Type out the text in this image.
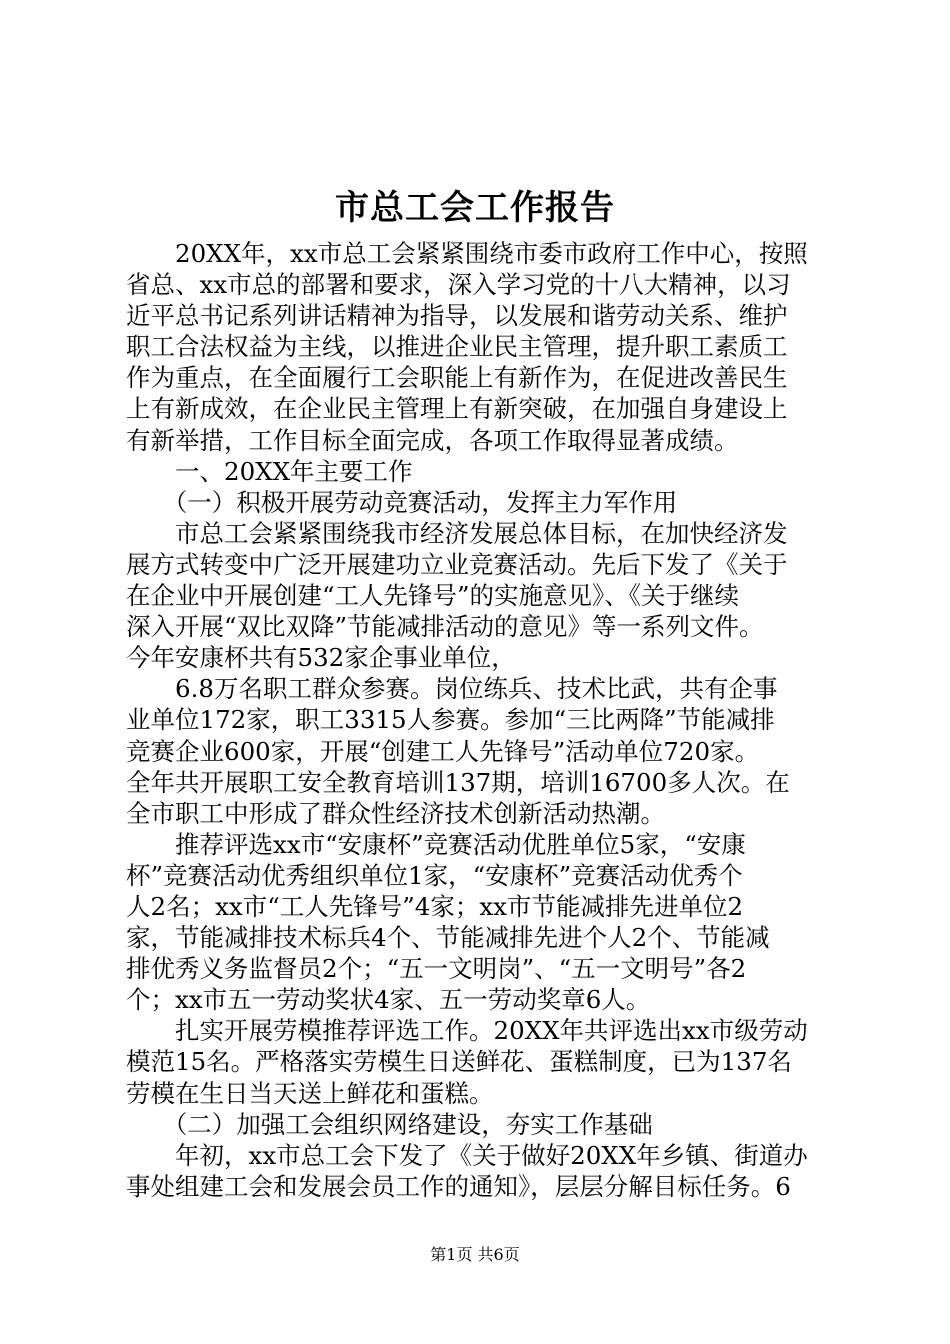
市总工会工作报告
　　20XX年，xx市总工会紧紧围绕市委市政府工作中心，按照
省总、xx市总的部署和要求，深入学习党的十八大精神，以习
近平总书记系列讲话精神为指导，以发展和谐劳动关系、维护
职工合法权益为主线，以推进企业民主管理，提升职工素质工
作为重点，在全面履行工会职能上有新作为，在促进改善民生
上有新成效，在企业民主管理上有新突破，在加强自身建设上
有新举措，工作目标全面完成，各项工作取得显著成绩。
　　一、20XX年主要工作
　　（一）积极开展劳动竞赛活动，发挥主力军作用
　　市总工会紧紧围绕我市经济发展总体目标，在加快经济发
展方式转变中广泛开展建功立业竞赛活动。先后下发了《关于
在企业中开展创建“工人先锋号”的实施意见》、《关于继续
深入开展“双比双降”节能减排活动的意见》等一系列文件。
今年安康杯共有532家企事业单位，
　　6.8万名职工群众参赛。岗位练兵、技术比武，共有企事
业单位172家，职工3315人参赛。参加“三比两降”节能减排
竞赛企业600家，开展“创建工人先锋号”活动单位720家。
全年共开展职工安全教育培训137期，培训16700多人次。在
全市职工中形成了群众性经济技术创新活动热潮。
　　推荐评选xx市“安康杯”竞赛活动优胜单位5家，“安康
杯”竞赛活动优秀组织单位1家，“安康杯”竞赛活动优秀个
人2名；xx市“工人先锋号”4家；xx市节能减排先进单位2
家，节能减排技术标兵4个、节能减排先进个人2个、节能减
排优秀义务监督员2个；“五一文明岗”、“五一文明号”各2
个；xx市五一劳动奖状4家、五一劳动奖章6人。
　　扎实开展劳模推荐评选工作。20XX年共评选出xx市级劳动
模范15名。严格落实劳模生日送鲜花、蛋糕制度，已为137名
劳模在生日当天送上鲜花和蛋糕。
　　（二）加强工会组织网络建设，夯实工作基础
　　年初，xx市总工会下发了《关于做好20XX年乡镇、街道办
事处组建工会和发展会员工作的通知》，层层分解目标任务。6
第1页 共6页
